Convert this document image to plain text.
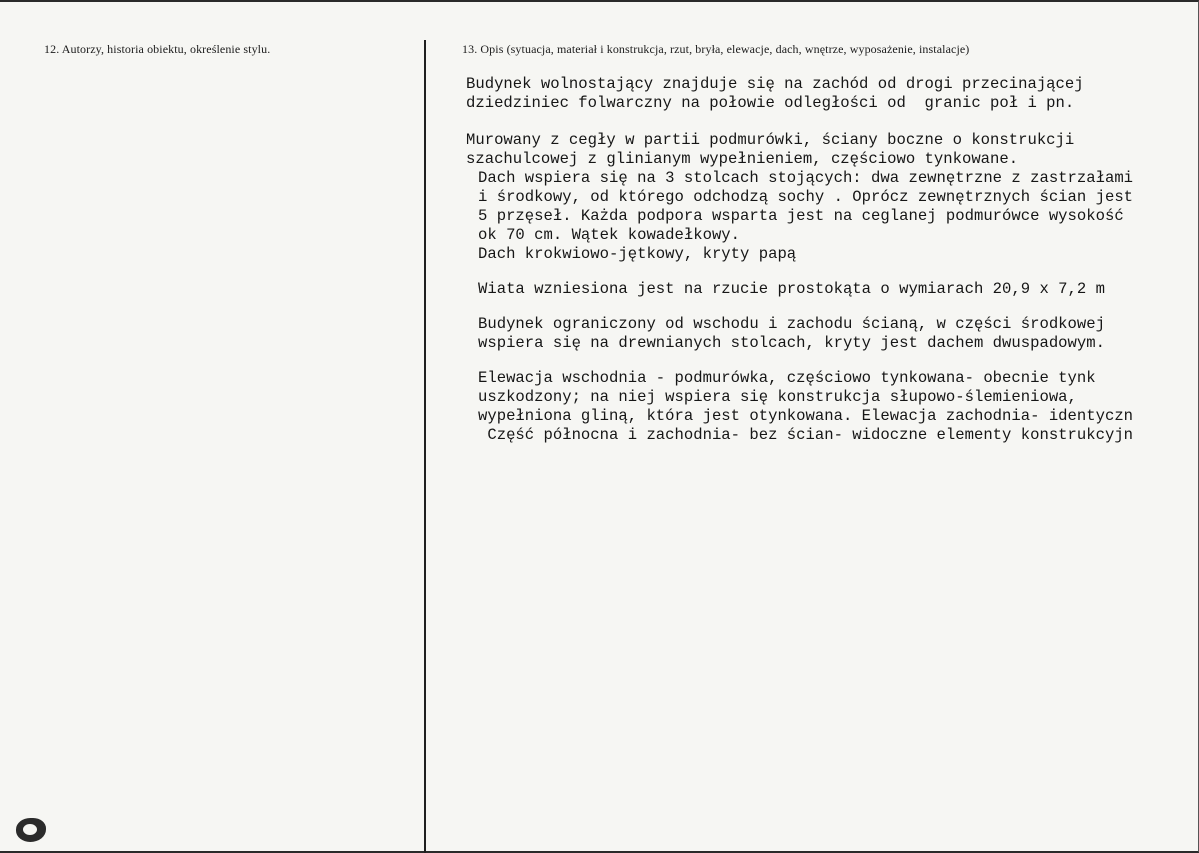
12. Autorzy, historia obiektu, określenie stylu.	13. Opis (sytuacja, materiał i konstrukcja, rzut, bryła, elewacje, dach, wnętrze, wyposażenie, instalacje)
Budynek wolnostający znajduje się na zachód od drogi przecinającej
dziedziniec folwarczny na połowie odległości od  granic poł i pn.
Murowany z cegły w partii podmurówki, ściany boczne o konstrukcji
szachulcowej z glinianym wypełnieniem, częściowo tynkowane.
Dach wspiera się na 3 stolcach stojących: dwa zewnętrzne z zastrzałami
i środkowy, od którego odchodzą sochy . Oprócz zewnętrznych ścian jest
5 przęseł. Każda podpora wsparta jest na ceglanej podmurówce wysokość
ok 70 cm. Wątek kowadełkowy.
Dach krokwiowo-jętkowy, kryty papą
Wiata wzniesiona jest na rzucie prostokąta o wymiarach 20,9 x 7,2 m
Budynek ograniczony od wschodu i zachodu ścianą, w części środkowej
wspiera się na drewnianych stolcach, kryty jest dachem dwuspadowym.
Elewacja wschodnia - podmurówka, częściowo tynkowana- obecnie tynk
uszkodzony; na niej wspiera się konstrukcja słupowo-ślemieniowa,
wypełniona gliną, która jest otynkowana. Elewacja zachodnia- identyczn
Część północna i zachodnia- bez ścian- widoczne elementy konstrukcyjn
